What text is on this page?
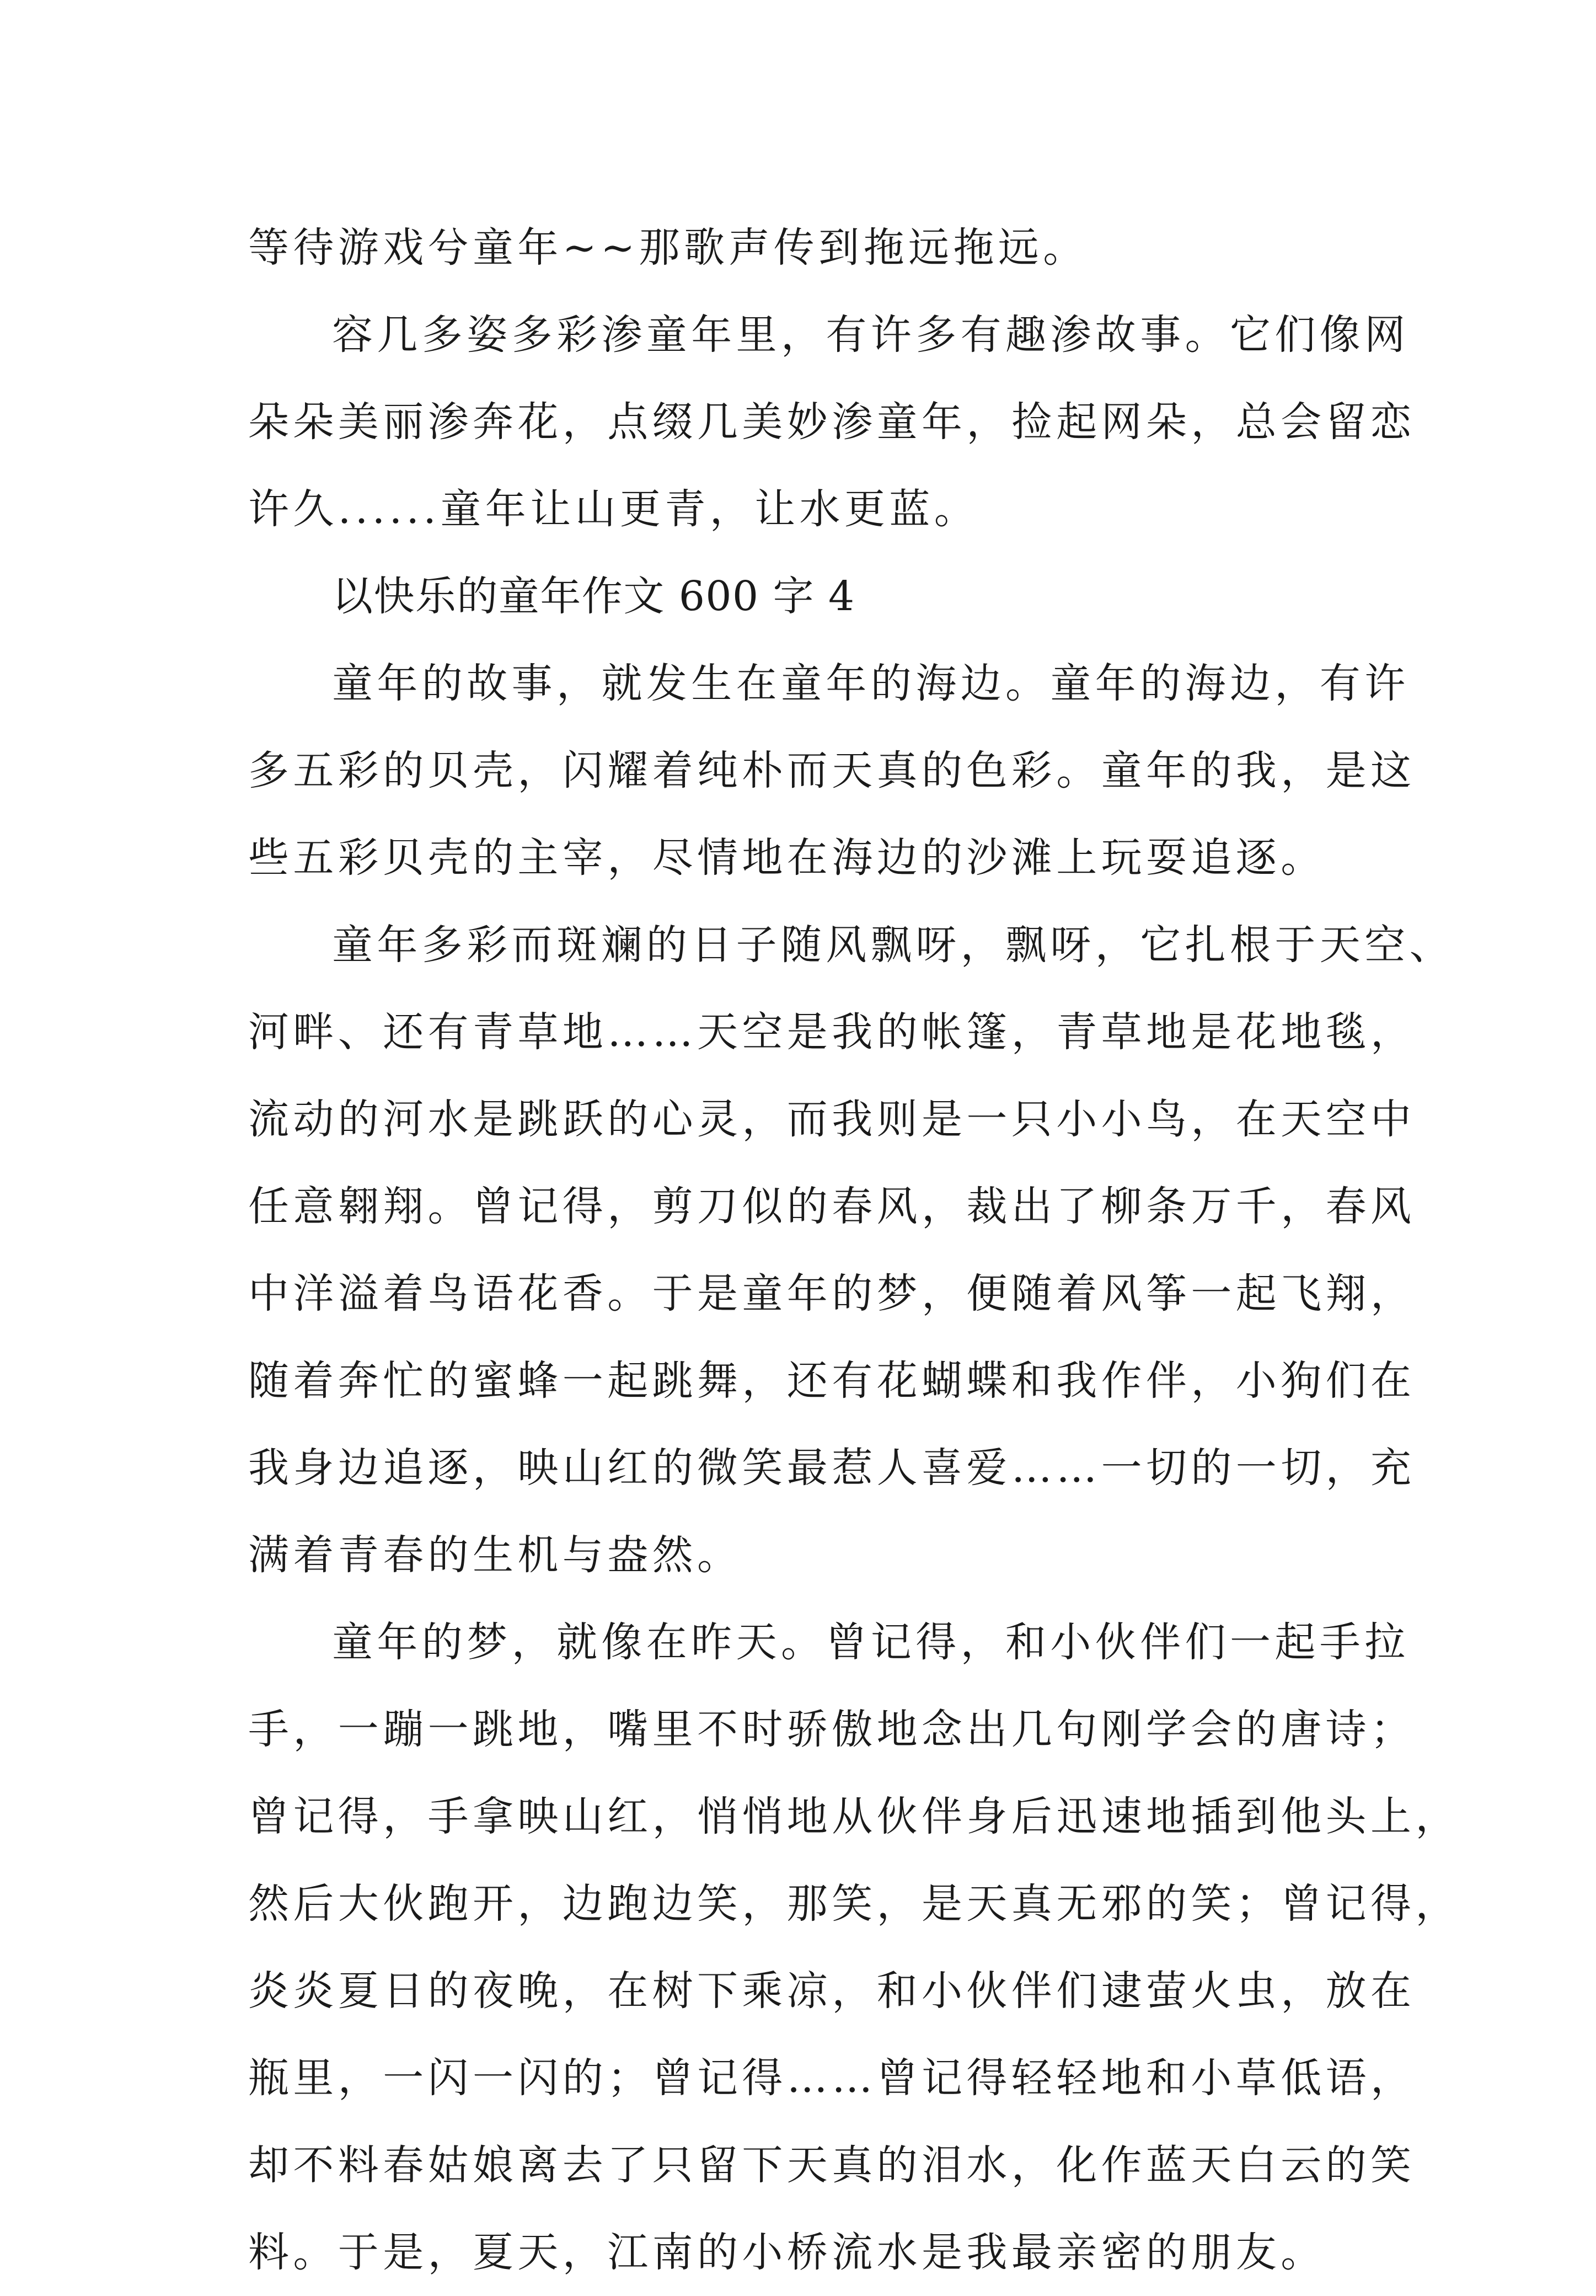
等待游戏兮童年~~那歌声传到拖远拖远。
容几多姿多彩渗童年里，有许多有趣渗故事。它们像网
朵朵美丽渗奔花，点缀几美妙渗童年，捡起网朵，总会留恋
许久......童年让山更青，让水更蓝。
以快乐的童年作文 600 字 4
童年的故事，就发生在童年的海边。童年的海边，有许
多五彩的贝壳，闪耀着纯朴而天真的色彩。童年的我，是这
些五彩贝壳的主宰，尽情地在海边的沙滩上玩耍追逐。
童年多彩而斑斓的日子随风飘呀，飘呀，它扎根于天空、
河畔、还有青草地……天空是我的帐篷，青草地是花地毯，
流动的河水是跳跃的心灵，而我则是一只小小鸟，在天空中
任意翱翔。曾记得，剪刀似的春风，裁出了柳条万千，春风
中洋溢着鸟语花香。于是童年的梦，便随着风筝一起飞翔，
随着奔忙的蜜蜂一起跳舞，还有花蝴蝶和我作伴，小狗们在
我身边追逐，映山红的微笑最惹人喜爱……一切的一切，充
满着青春的生机与盎然。
童年的梦，就像在昨天。曾记得，和小伙伴们一起手拉
手，一蹦一跳地，嘴里不时骄傲地念出几句刚学会的唐诗；
曾记得，手拿映山红，悄悄地从伙伴身后迅速地插到他头上，
然后大伙跑开，边跑边笑，那笑，是天真无邪的笑；曾记得，
炎炎夏日的夜晚，在树下乘凉，和小伙伴们逮萤火虫，放在
瓶里，一闪一闪的；曾记得……曾记得轻轻地和小草低语，
却不料春姑娘离去了只留下天真的泪水，化作蓝天白云的笑
料。于是，夏天，江南的小桥流水是我最亲密的朋友。
